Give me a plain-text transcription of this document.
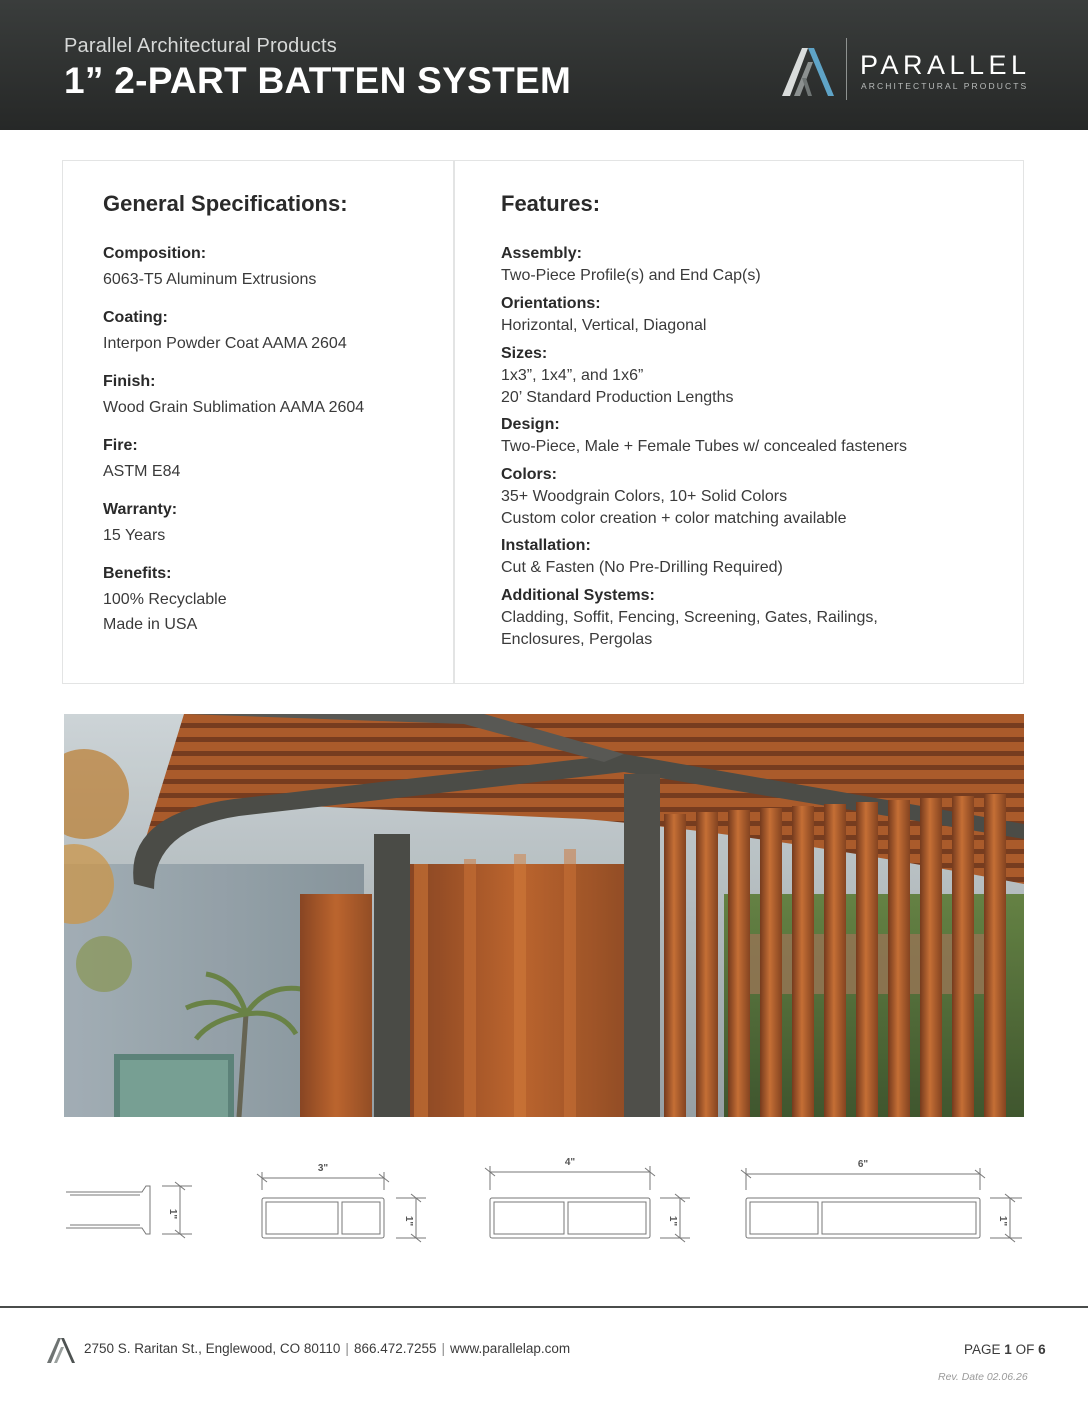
Parallel Architectural Products
1” 2-PART BATTEN SYSTEM	PARALLEL
ARCHITECTURAL PRODUCTS
General Specifications:
Composition:
6063-T5 Aluminum Extrusions
Coating:
Interpon Powder Coat AAMA 2604
Finish:
Wood Grain Sublimation AAMA 2604
Fire:
ASTM E84
Warranty:
15 Years
Benefits:
100% Recyclable
Made in USA
Features:
Assembly:
Two-Piece Profile(s) and End Cap(s)
Orientations:
Horizontal, Vertical, Diagonal
Sizes:
1x3”, 1x4”, and 1x6”
20’ Standard Production Lengths
Design:
Two-Piece, Male + Female Tubes w/ concealed fasteners
Colors:
35+ Woodgrain Colors, 10+ Solid Colors
Custom color creation + color matching available
Installation:
Cut & Fasten (No Pre-Drilling Required)
Additional Systems:
Cladding, Soffit, Fencing, Screening, Gates, Railings,
Enclosures, Pergolas
1"
3"
1"
4"
1"
6"
1"
2750 S. Raritan St., Englewood, CO 80110 | 866.472.7255 | www.parallelap.com	PAGE 1 OF 6
Rev. Date 02.06.26
